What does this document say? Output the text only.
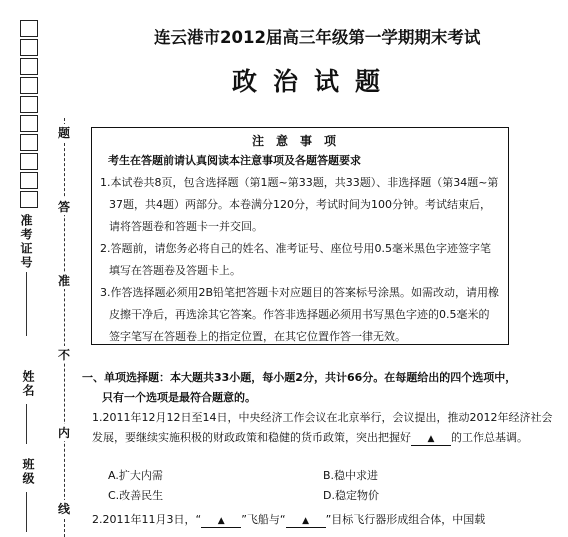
准考证号
姓名
班级
题
答
准
不
内
线
连云港市2012届高三年级第一学期期末考试
政治试题
注意事项
考生在答题前请认真阅读本注意事项及各题答题要求
1.本试卷共8页，包含选择题（第1题~第33题，共33题）、非选择题（第34题~第37题，共4题）两部分。本卷满分120分，考试时间为100分钟。考试结束后，请将答题卷和答题卡一并交回。
2.答题前，请您务必将自己的姓名、准考证号、座位号用0.5毫米黑色字迹签字笔填写在答题卷及答题卡上。
3.作答选择题必须用2B铅笔把答题卡对应题目的答案标号涂黑。如需改动，请用橡皮擦干净后，再选涂其它答案。作答非选择题必须用书写黑色字迹的0.5毫米的签字笔写在答题卷上的指定位置，在其它位置作答一律无效。
一、单项选择题：本大题共33小题，每小题2分，共计66分。在每题给出的四个选项中，
只有一个选项是最符合题意的。
1.2011年12月12日至14日，中央经济工作会议在北京举行，会议提出，推动2012年经济社会发展，要继续实施积极的财政政策和稳健的货币政策，突出把握好 ▲ 的工作总基调。
A.扩大内需	B.稳中求进
C.改善民生	D.稳定物价
2.2011年11月3日，“ ▲ ”飞船与“ ▲ ”目标飞行器形成组合体，中国载
